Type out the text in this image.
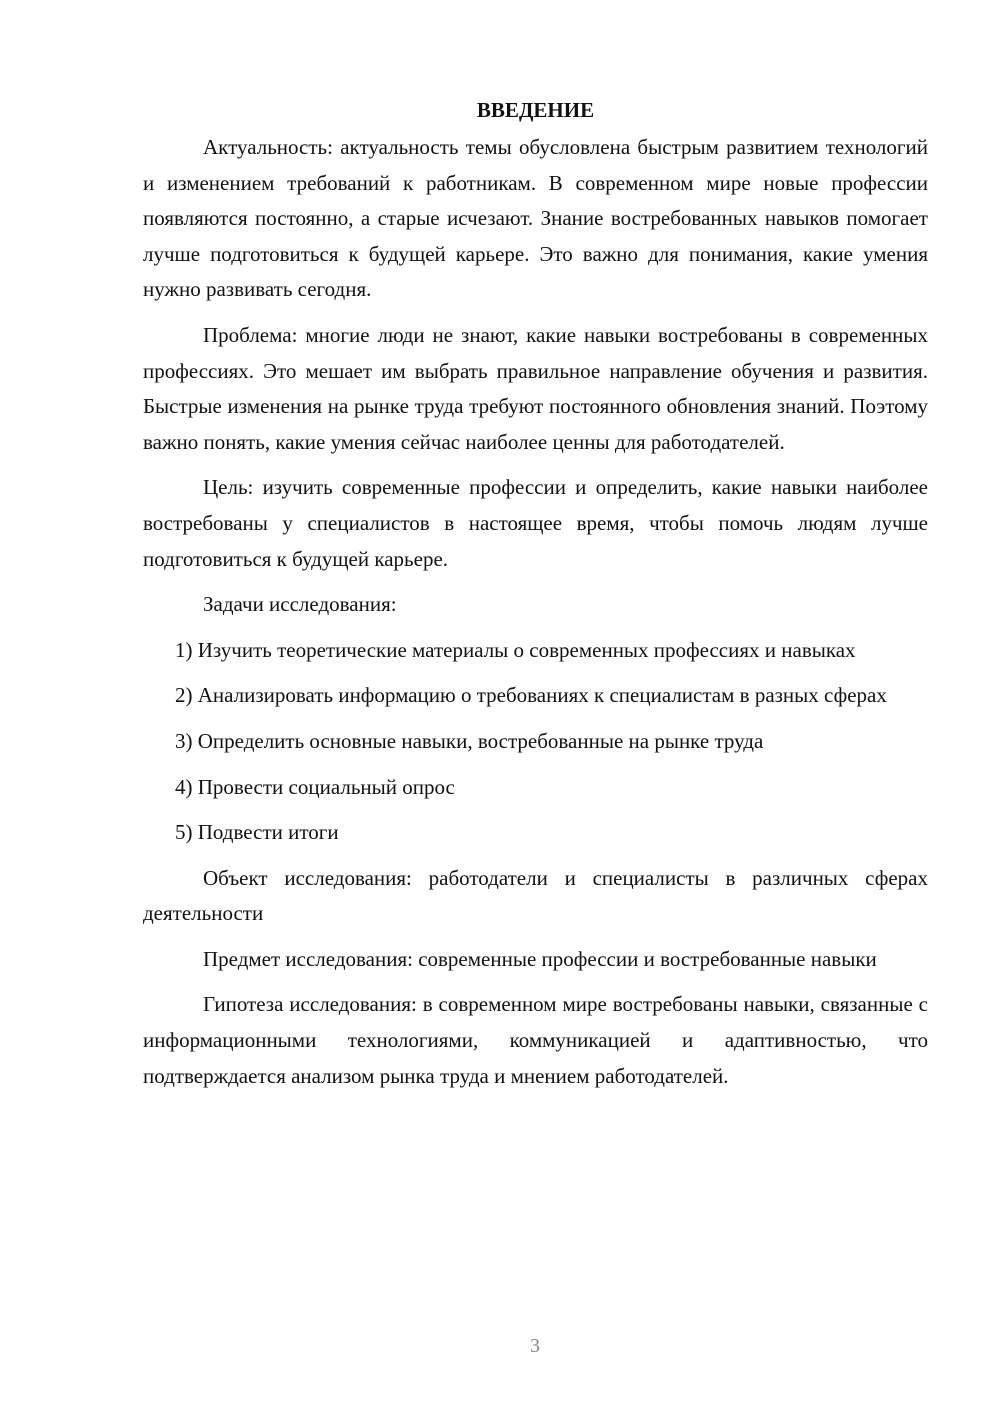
ВВЕДЕНИЕ

Актуальность: актуальность темы обусловлена быстрым развитием технологий и изменением требований к работникам. В современном мире новые профессии появляются постоянно, а старые исчезают. Знание востребованных навыков помогает лучше подготовиться к будущей карьере. Это важно для понимания, какие умения нужно развивать сегодня.

Проблема: многие люди не знают, какие навыки востребованы в современных профессиях. Это мешает им выбрать правильное направление обучения и развития. Быстрые изменения на рынке труда требуют постоянного обновления знаний. Поэтому важно понять, какие умения сейчас наиболее ценны для работодателей.

Цель: изучить современные профессии и определить, какие навыки наиболее востребованы у специалистов в настоящее время, чтобы помочь людям лучше подготовиться к будущей карьере.

Задачи исследования:

1) Изучить теоретические материалы о современных профессиях и навыках

2) Анализировать информацию о требованиях к специалистам в разных сферах

3) Определить основные навыки, востребованные на рынке труда

4) Провести социальный опрос

5) Подвести итоги

Объект исследования: работодатели и специалисты в различных сферах деятельности

Предмет исследования: современные профессии и востребованные навыки

Гипотеза исследования: в современном мире востребованы навыки, связанные с информационными технологиями, коммуникацией и адаптивностью, что подтверждается анализом рынка труда и мнением работодателей.

3
